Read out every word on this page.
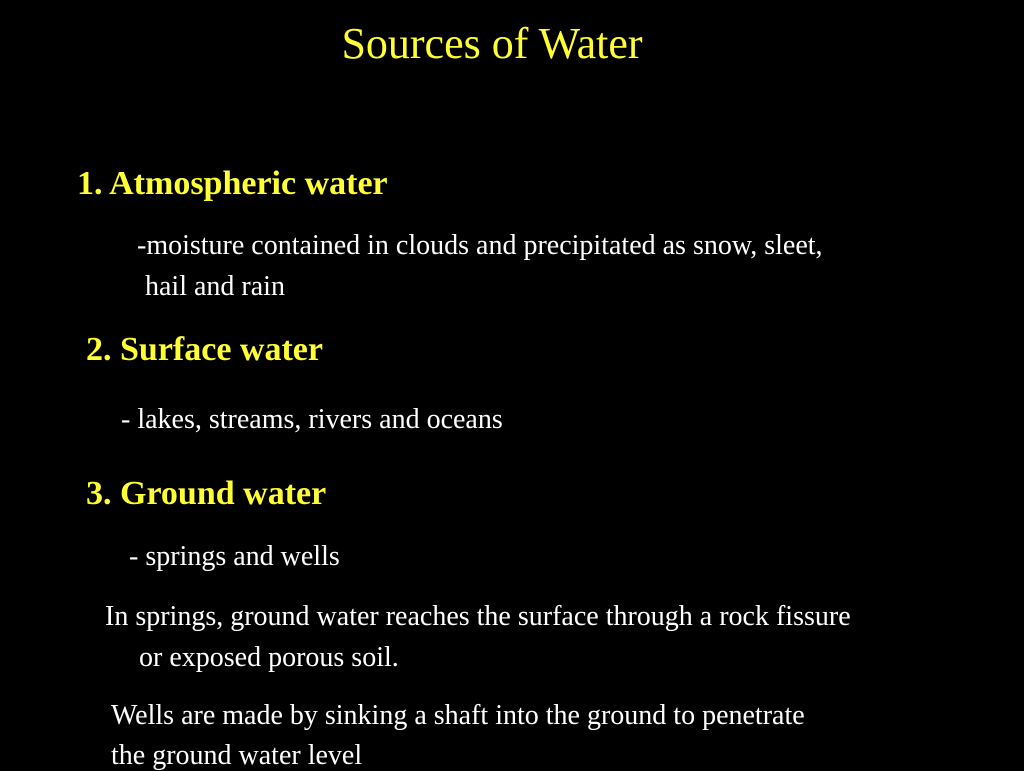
Sources of Water
1. Atmospheric water
-moisture contained in clouds and precipitated as snow, sleet,
hail and rain
2. Surface water
- lakes, streams, rivers and oceans
3. Ground water
- springs and wells
In springs, ground water reaches the surface through a rock fissure
or exposed porous soil.
Wells are made by sinking a shaft into the ground to penetrate
the ground water level
